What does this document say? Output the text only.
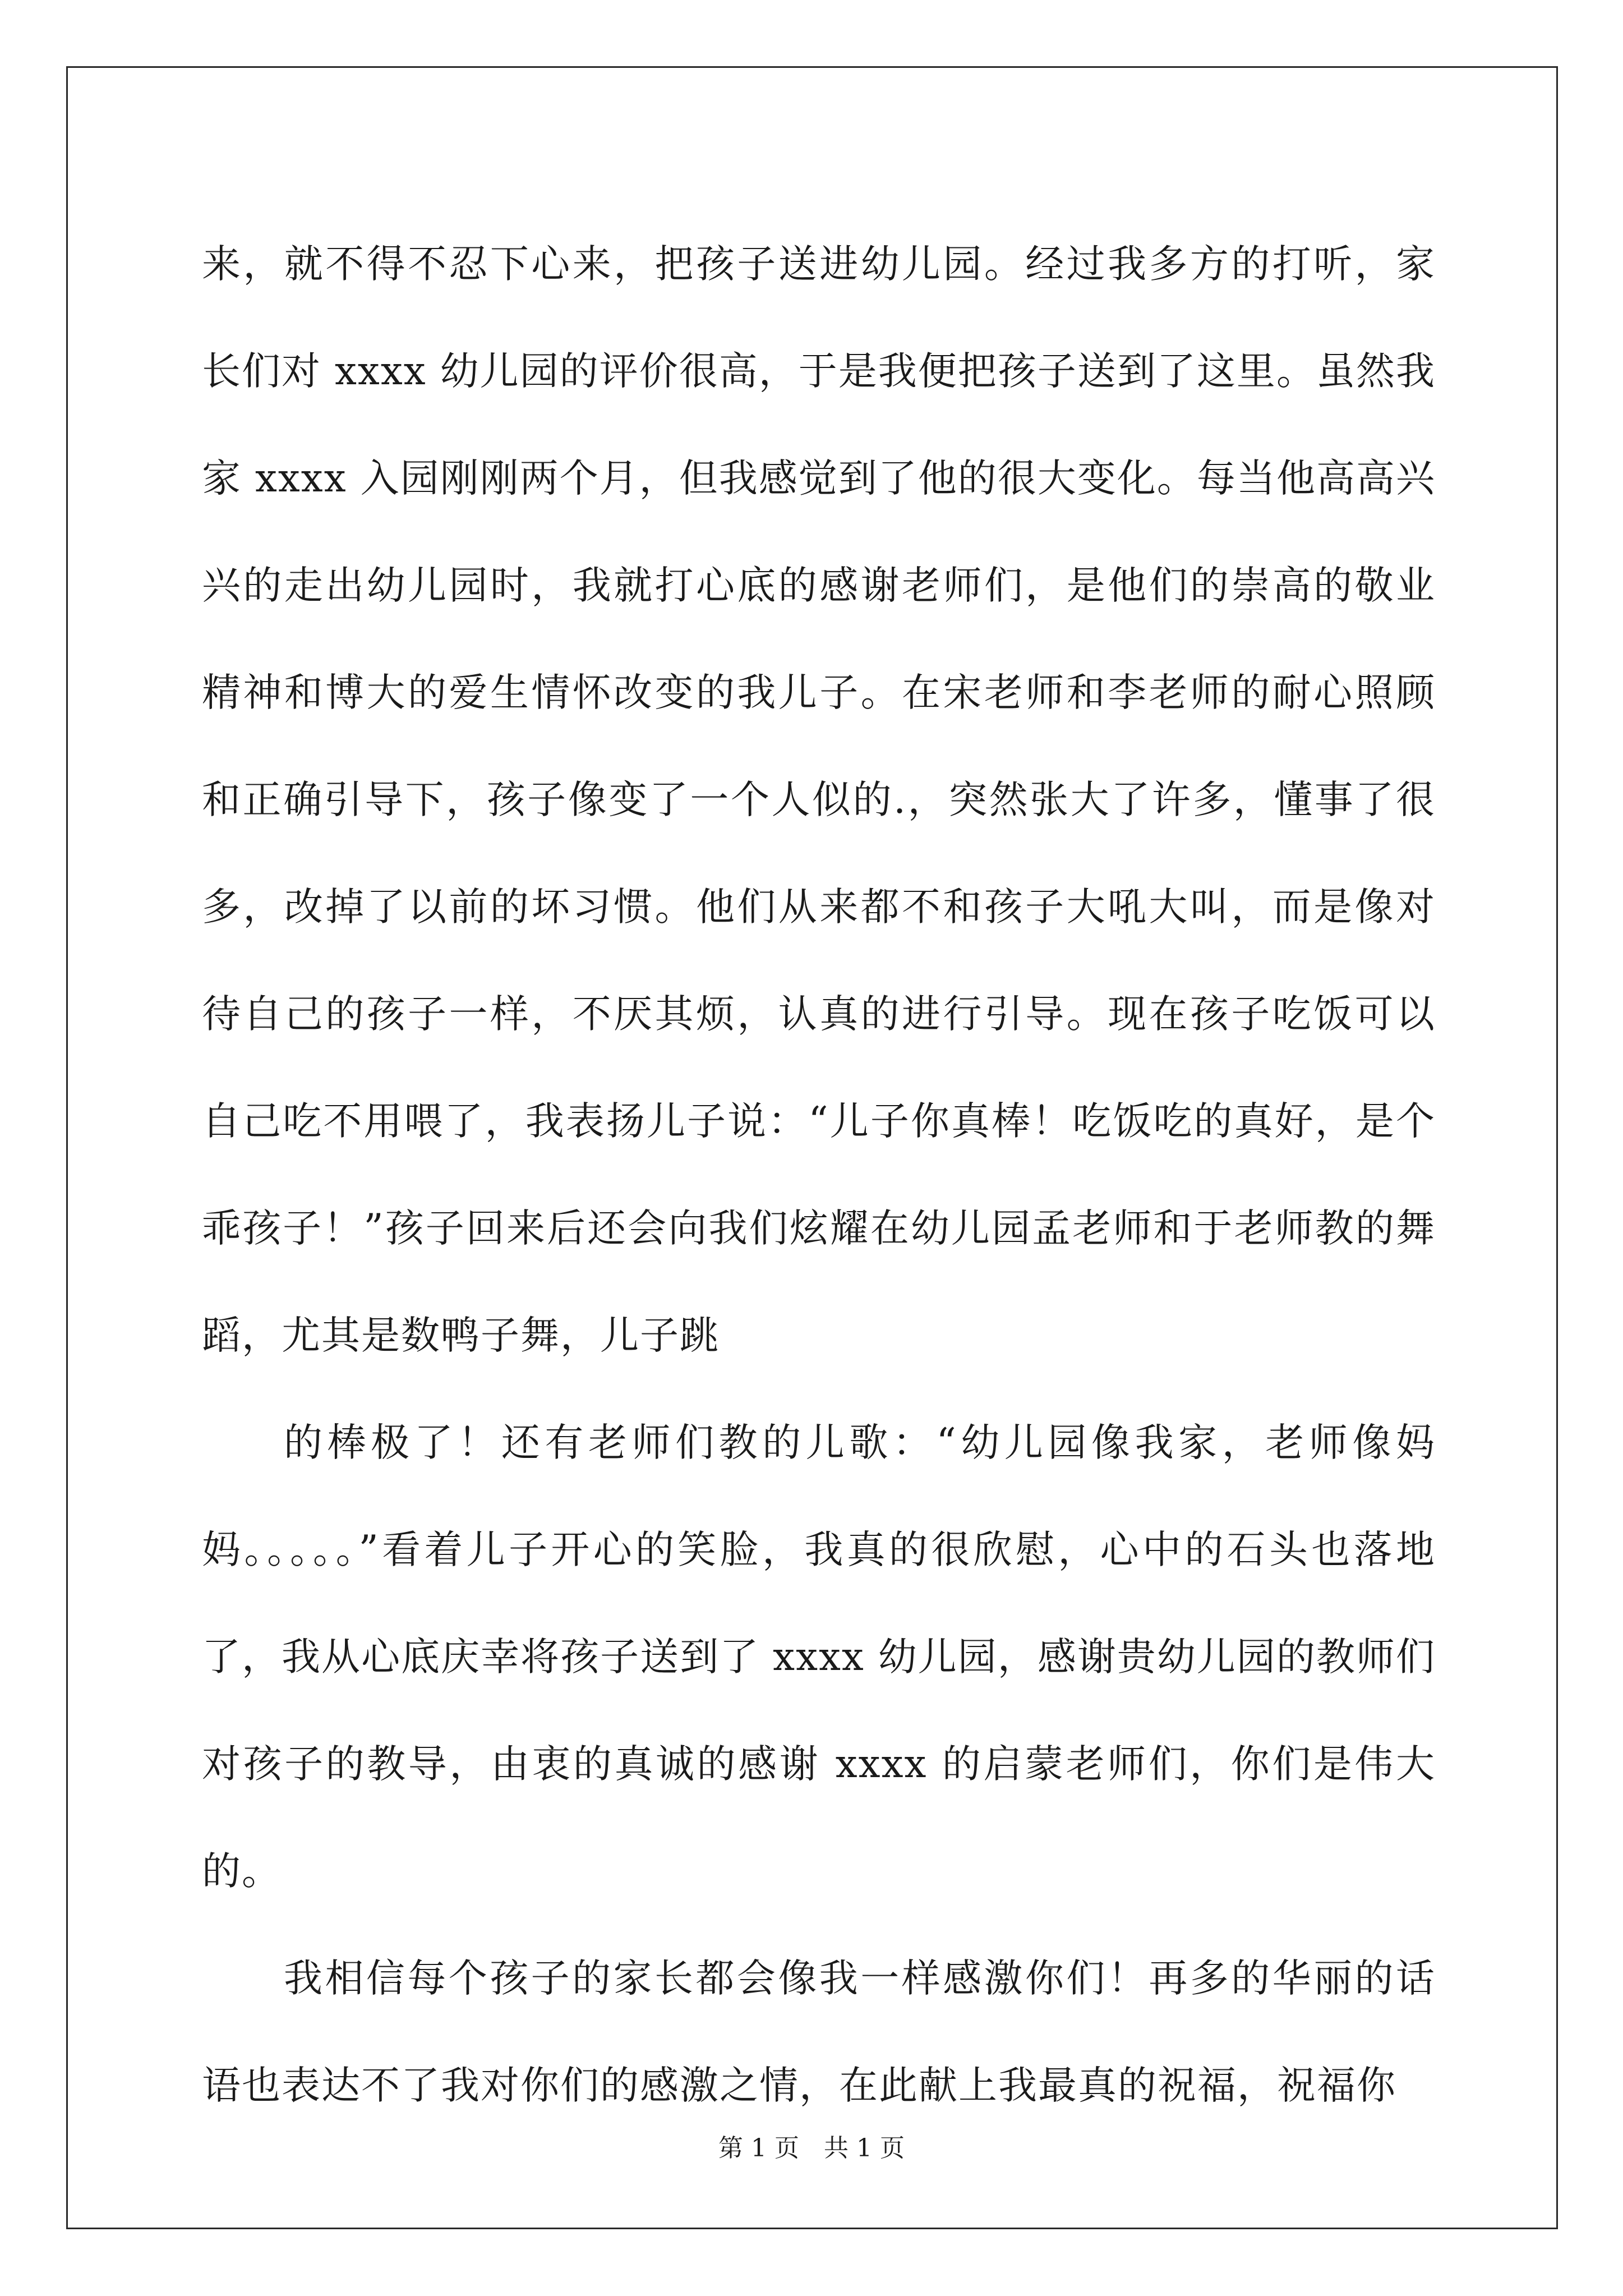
来，就不得不忍下心来，把孩子送进幼儿园。经过我多方的打听，家长们对 xxxx 幼儿园的评价很高，于是我便把孩子送到了这里。虽然我家 xxxx 入园刚刚两个月，但我感觉到了他的很大变化。每当他高高兴兴的走出幼儿园时，我就打心底的感谢老师们，是他们的崇高的敬业精神和博大的爱生情怀改变的我儿子。在宋老师和李老师的耐心照顾和正确引导下，孩子像变了一个人似的.，突然张大了许多，懂事了很多，改掉了以前的坏习惯。他们从来都不和孩子大吼大叫，而是像对待自己的孩子一样，不厌其烦，认真的进行引导。现在孩子吃饭可以自己吃不用喂了，我表扬儿子说：“儿子你真棒！吃饭吃的真好，是个乖孩子！”孩子回来后还会向我们炫耀在幼儿园孟老师和于老师教的舞蹈，尤其是数鸭子舞，儿子跳

的棒极了！还有老师们教的儿歌：“幼儿园像我家，老师像妈妈。。。。。”看着儿子开心的笑脸，我真的很欣慰，心中的石头也落地了，我从心底庆幸将孩子送到了 xxxx 幼儿园，感谢贵幼儿园的教师们对孩子的教导，由衷的真诚的感谢 xxxx 的启蒙老师们，你们是伟大的。

我相信每个孩子的家长都会像我一样感激你们！再多的华丽的话语也表达不了我对你们的感激之情，在此献上我最真的祝福，祝福你

第 1 页　共 1 页
